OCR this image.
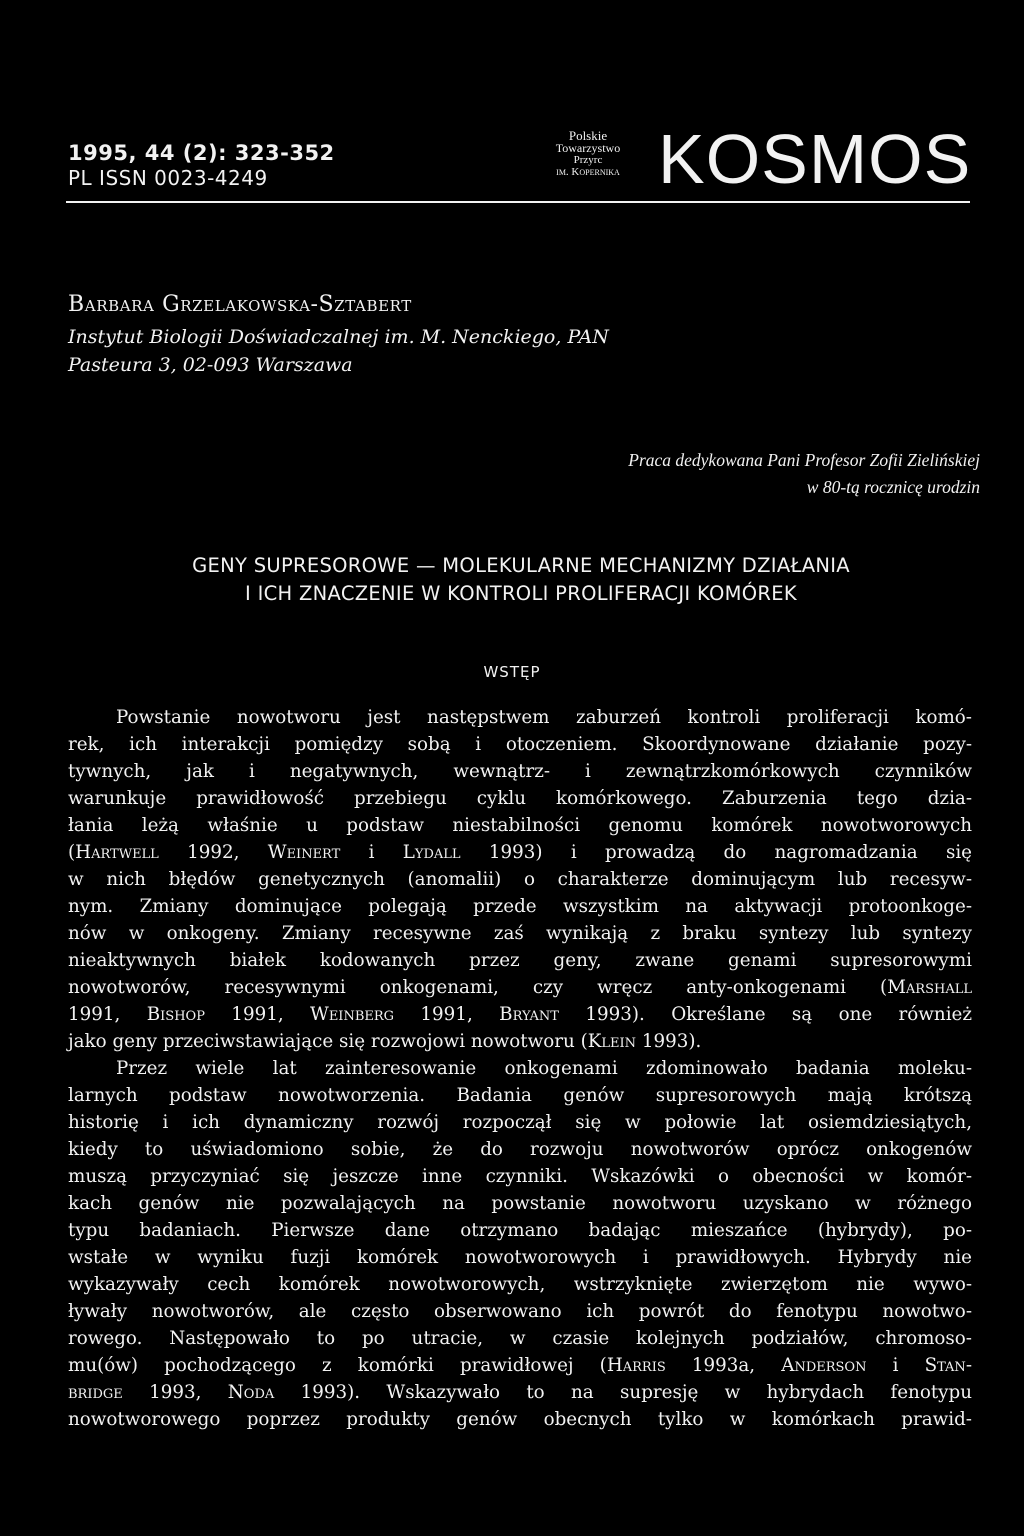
1995, 44 (2): 323-352

PL ISSN 0023-4249

Polskie
Towarzystwo
Przyrc
im. Kopernika KOSMOS

Barbara Grzelakowska-Sztabert

Instytut Biologii Doświadczalnej im. M. Nenckiego, PAN

Pasteura 3, 02-093 Warszawa

Praca dedykowana Pani Profesor Zofii Zielińskiej

w 80-tą rocznicę urodzin

GENY SUPRESOROWE — MOLEKULARNE MECHANIZMY DZIAŁANIA
I ICH ZNACZENIE W KONTROLI PROLIFERACJI KOMÓREK

WSTĘP

Powstanie nowotworu jest następstwem zaburzeń kontroli proliferacji komó-
rek, ich interakcji pomiędzy sobą i otoczeniem. Skoordynowane działanie pozy-
tywnych, jak i negatywnych, wewnątrz- i zewnątrzkomórkowych czynników
warunkuje prawidłowość przebiegu cyklu komórkowego. Zaburzenia tego dzia-
łania leżą właśnie u podstaw niestabilności genomu komórek nowotworowych
(Hartwell 1992, Weinert i Lydall 1993) i prowadzą do nagromadzania się
w nich błędów genetycznych (anomalii) o charakterze dominującym lub recesyw-
nym. Zmiany dominujące polegają przede wszystkim na aktywacji protoonkoge-
nów w onkogeny. Zmiany recesywne zaś wynikają z braku syntezy lub syntezy
nieaktywnych białek kodowanych przez geny, zwane genami supresorowymi
nowotworów, recesywnymi onkogenami, czy wręcz anty-onkogenami (Marshall
1991, Bishop 1991, Weinberg 1991, Bryant 1993). Określane są one również
jako geny przeciwstawiające się rozwojowi nowotworu (Klein 1993).
Przez wiele lat zainteresowanie onkogenami zdominowało badania moleku-
larnych podstaw nowotworzenia. Badania genów supresorowych mają krótszą
historię i ich dynamiczny rozwój rozpoczął się w połowie lat osiemdziesiątych,
kiedy to uświadomiono sobie, że do rozwoju nowotworów oprócz onkogenów
muszą przyczyniać się jeszcze inne czynniki. Wskazówki o obecności w komór-
kach genów nie pozwalających na powstanie nowotworu uzyskano w różnego
typu badaniach. Pierwsze dane otrzymano badając mieszańce (hybrydy), po-
wstałe w wyniku fuzji komórek nowotworowych i prawidłowych. Hybrydy nie
wykazywały cech komórek nowotworowych, wstrzyknięte zwierzętom nie wywo-
ływały nowotworów, ale często obserwowano ich powrót do fenotypu nowotwo-
rowego. Następowało to po utracie, w czasie kolejnych podziałów, chromoso-
mu(ów) pochodzącego z komórki prawidłowej (Harris 1993a, Anderson i Stan-
bridge 1993, Noda 1993). Wskazywało to na supresję w hybrydach fenotypu
nowotworowego poprzez produkty genów obecnych tylko w komórkach prawid-
